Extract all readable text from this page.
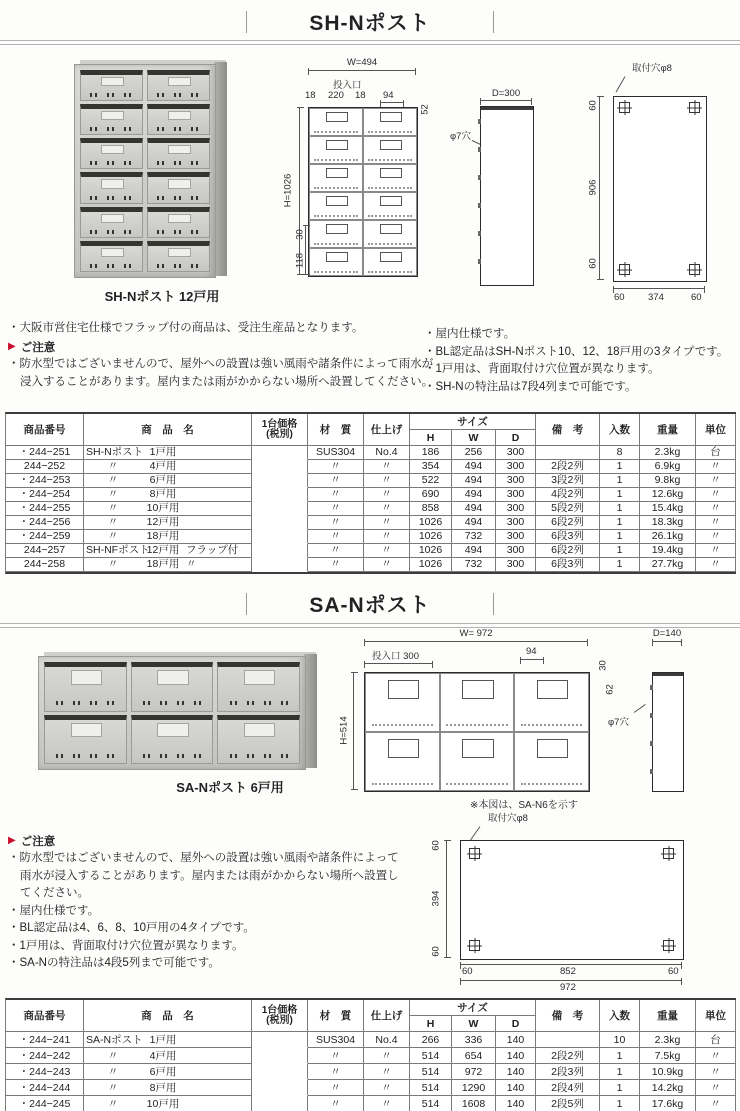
SH-Nポスト
SH-Nポスト 12戸用
W=494
投入口
18 220 18 94
H=1026
30
118
52
φ7穴
D=300
取付穴φ8
60
906
60
60 374	60
・大阪市営住宅仕様でフラップ付の商品は、受注生産品となります。
▶ ご注意
・防水型ではございませんので、屋外への設置は強い風雨や諸条件によって雨水が浸入することがあります。屋内または雨がかからない場所へ設置してください。
・屋内仕様です。
・BL認定品はSH-Nポスト10、12、18戸用の3タイプです。
・1戸用は、背面取付け穴位置が異なります。
・SH-Nの特注品は7段4列まで可能です。
商品番号	商　品　名	1台価格
(税別)	材　質	仕上げ	サイズ			備　考	入数	重量	単位
					H	W	D				
・244−251	SH-Nポスト 1戸用		SUS304	No.4	186	256	300		8	2.3kg	台
244−252	〃 4戸用		〃	〃	354	494	300	2段2列	1	6.9kg	〃
・244−253	〃 6戸用		〃	〃	522	494	300	3段2列	1	9.8kg	〃
・244−254	〃 8戸用		〃	〃	690	494	300	4段2列	1	12.6kg	〃
・244−255	〃 10戸用		〃	〃	858	494	300	5段2列	1	15.4kg	〃
・244−256	〃 12戸用		〃	〃	1026	494	300	6段2列	1	18.3kg	〃
・244−259	〃 18戸用		〃	〃	1026	732	300	6段3列	1	26.1kg	〃
244−257	SH-NFポスト
12戸用 フラップ付		〃	〃	1026	494	300	6段2列	1	19.4kg	〃
244−258	〃 18戸用 〃		〃	〃	1026	732	300	6段3列	1	27.7kg	〃
SA-Nポスト
SA-Nポスト 6戸用
W= 972
投入口 300	94
H=514
30
62
φ7穴
D=140
※本図は、SA-N6を示す
▶ ご注意
・防水型ではございませんので、屋外への設置は強い風雨や諸条件によって雨水が浸入することがあります。屋内または雨がかからない場所へ設置してください。
・屋内仕様です。
・BL認定品は4、6、8、10戸用の4タイプです。
・1戸用は、背面取付け穴位置が異なります。
・SA-Nの特注品は4段5列まで可能です。
取付穴φ8
60
394
60
60	852	60
972
商品番号	商　品　名	1台価格
(税別)	材　質	仕上げ	サイズ			備　考	入数	重量	単位
					H	W	D				
・244−241	SA-Nポスト 1戸用		SUS304	No.4	266	336	140		10	2.3kg	台
・244−242	〃 4戸用		〃	〃	514	654	140	2段2列	1	7.5kg	〃
・244−243	〃 6戸用		〃	〃	514	972	140	2段3列	1	10.9kg	〃
・244−244	〃 8戸用		〃	〃	514	1290	140	2段4列	1	14.2kg	〃
・244−245	〃 10戸用		〃	〃	514	1608	140	2段5列	1	17.6kg	〃
